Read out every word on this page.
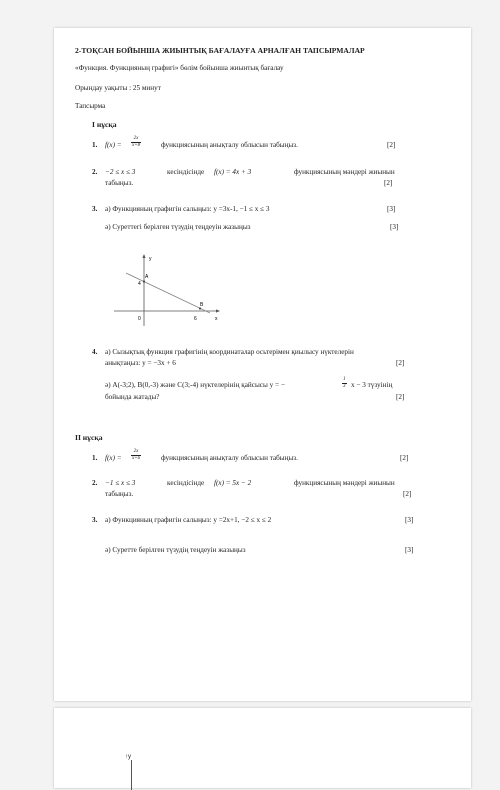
2-ТОҚСАН БОЙЫНША ЖИЫНТЫҚ БАҒАЛАУҒА АРНАЛҒАН ТАПСЫРМАЛАР
«Функция. Функцияның графигі» бөлім бойынша жиынтық бағалау
Орындау уақыты : 25 минут
Тапсырма
I нұсқа
1. $f(x) = \frac{2x}{x+8}$	функциясының анықталу облысын табыңыз.	[2]
2. −2 ≤ x ≤ 3	кесіндісінде f(x) = 4x + 3	функциясының мәндері жиынын
табыңыз.	[2]
3. а) Функцияның графигін салыңыз: y =3x-1, −1 ≤ x ≤ 3	[3]
ә) Суреттегі берілген түзудің теңдеуін жазыңыз	[3]
y
x
0
A
B
4
6
4. а) Сызықтық функция графигінің координаталар осьтерімен қиылысу нүктелерін
анықтаңыз: y = −3x + 6	[2]
ә) А(-3;2), В(0,-3) және С(3;-4) нүктелерінің қайсысы y = −	$\frac{1}{3}$ x − 3 түзуінің
бойында жатады?	[2]
II нұсқа
1. $f(x) = \frac{2x}{x+6}$	функциясының анықталу облысын табыңыз.	[2]
2. −1 ≤ x ≤ 3	кесіндісінде f(x) = 5x − 2	функциясының мәндері жиынын
табыңыз.	[2]
3. а) Функцияның графигін салыңыз: y =2x+1, −2 ≤ x ≤ 2	[3]
ә) Суретте берілген түзудің теңдеуін жазыңыз	[3]
↑y
